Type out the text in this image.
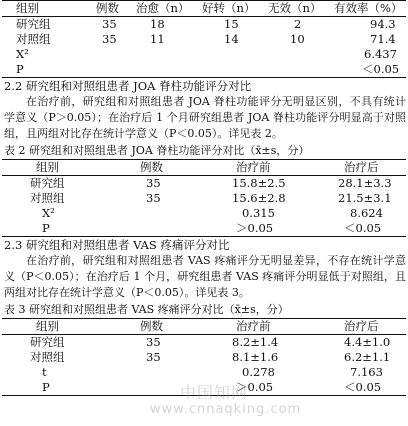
组别	例数	治愈（n）	好转（n）	无效（n）	有效率（%）
研究组	35	18	15	2	94.3
对照组	35	11	14	10	71.4
X²					6.437
P					＜0.05
2.2 研究组和对照组患者 JOA 脊柱功能评分对比
在治疗前，研究组和对照组患者 JOA 脊柱功能评分无明显区别，不具有统计学意义（P＞0.05）；在治疗后 1 个月研究组患者 JOA 脊柱功能评分明显高于对照组，且两组对比存在统计学意义（P＜0.05）。详见表 2。
表 2 研究组和对照组患者 JOA 脊柱功能评分对比（x̄±s，分）
组别	例数	治疗前	治疗后
研究组	35	15.8±2.5	28.1±3.3
对照组	35	15.6±2.8	21.5±3.1
X²		0.315	8.624
P		＞0.05	＜0.05
2.3 研究组和对照组患者 VAS 疼痛评分对比
在治疗前，研究组和对照组患者 VAS 疼痛评分无明显差异，不存在统计学意义（P＜0.05）；在治疗后 1 个月，研究组患者 VAS 疼痛评分明显低于对照组，且两组对比存在统计学意义（P＜0.05）。详见表 3。
表 3 研究组和对照组患者 VAS 疼痛评分对比（x̄±s，分）
组别	例数	治疗前	治疗后
研究组	35	8.2±1.4	4.4±1.0
对照组	35	8.1±1.6	6.2±1.1
t		0.278	7.163
P		＞0.05	＜0.05
中国知网
www.cnnaqking.com
